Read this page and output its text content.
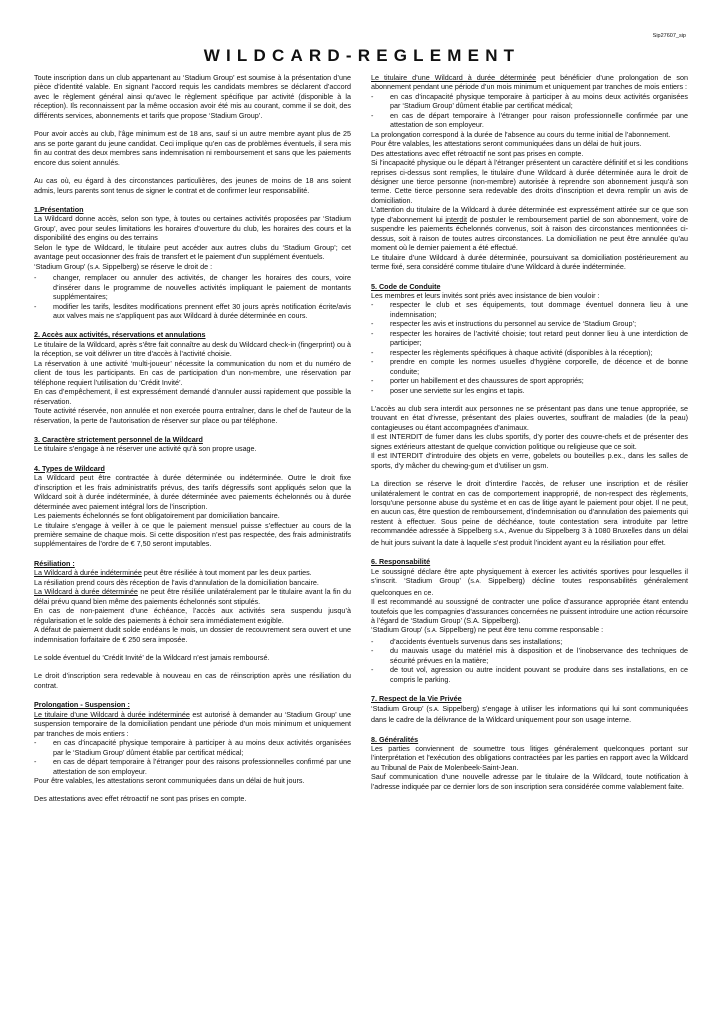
Sip27607_sip
WILDCARD-REGLEMENT

Toute inscription dans un club appartenant au ‘Stadium Group’ est soumise à la présentation d’une pièce d’identité valable. En signant l’accord requis les candidats membres se déclarent d’accord avec le règlement général ainsi qu’avec le règlement spécifique par activité (disponible à la réception). Ils reconnaissent par la même occasion avoir été mis au courant, comme il se doit, des différents services, abonnements et tarifs que propose ‘Stadium Group’.

Pour avoir accès au club, l’âge minimum est de 18 ans, sauf si un autre membre ayant plus de 25 ans se porte garant du jeune candidat. Ceci implique qu’en cas de problèmes éventuels, il sera mis fin au contrat des deux membres sans indemnisation ni remboursement et sans que les paiements encore dus soient annulés.

Au cas où, eu égard à des circonstances particulières, des jeunes de moins de 18 ans soient admis, leurs parents sont tenus de signer le contrat et de confirmer leur responsabilité.

1.Présentation

La Wildcard donne accès, selon son type, à toutes ou certaines activités proposées par ‘Stadium Group’, avec pour seules limitations les horaires d’ouverture du club, les horaires des cours et la disponibilité des engins ou des terrains

Selon le type de Wildcard, le titulaire peut accéder aux autres clubs du ‘Stadium Group’; cet avantage peut occasionner des frais de transfert et le paiement d’un supplément éventuels.

‘Stadium Group’ (S.A. Sippelberg) se réserve le droit de :

- changer, remplacer ou annuler des activités, de changer les horaires des cours, voire d’insérer dans le programme de nouvelles activités impliquant le paiement de montants supplémentaires;
- modifier les tarifs, lesdites modifications prennent effet 30 jours après notification écrite/avis aux valves mais ne s’appliquent pas aux Wildcard à durée déterminée en cours.

2. Accès aux activités, réservations et annulations

Le titulaire de la Wildcard, après s’être fait connaître au desk du Wildcard check-in (fingerprint) ou à la réception, se voit délivrer un titre d’accès à l’activité choisie.

La réservation à une activité ‘multi-joueur’ nécessite la communication du nom et du numéro de client de tous les participants. En cas de participation d’un non-membre, une réservation par téléphone requiert l’utilisation du ‘Crédit Invité’.

En cas d’empêchement, il est expressément demandé d’annuler aussi rapidement que possible la réservation.

Toute activité réservée, non annulée et non exercée pourra entraîner, dans le chef de l’auteur de la réservation, la perte de l’autorisation de réserver sur place ou par téléphone.

3. Caractère strictement personnel de la Wildcard

Le titulaire s’engage à ne réserver une activité qu’à son propre usage.

4. Types de Wildcard

La Wildcard peut être contractée à durée déterminée ou indéterminée. Outre le droit fixe d’inscription et les frais administratifs prévus, des tarifs dégressifs sont appliqués selon que la Wildcard soit à durée indéterminée, à durée déterminée avec paiements échelonnés ou à durée déterminée avec paiement intégral lors de l’inscription.

Les paiements échelonnés se font obligatoirement par domiciliation bancaire.

Le titulaire s’engage à veiller à ce que le paiement mensuel puisse s’effectuer au cours de la première semaine de chaque mois. Si cette disposition n’est pas respectée, des frais administratifs supplémentaires de l’ordre de € 7,50 seront imputables.

Résiliation :

La Wildcard à durée indéterminée peut être résiliée à tout moment par les deux parties.

La résiliation prend cours dès réception de l’avis d’annulation de la domiciliation bancaire.

La Wildcard à durée déterminée ne peut être résiliée unilatéralement par le titulaire avant la fin du délai prévu quand bien même des paiements échelonnés sont stipulés.

En cas de non-paiement d’une échéance, l’accès aux activités sera suspendu jusqu’à régularisation et le solde des paiements à échoir sera immédiatement exigible.

A défaut de paiement dudit solde endéans le mois, un dossier de recouvrement sera ouvert et une indemnisation forfaitaire de € 250 sera imposée.

Le solde éventuel du ‘Crédit Invité’ de la Wildcard n’est jamais remboursé.

Le droit d’inscription sera redevable à nouveau en cas de réinscription après une résiliation du contrat.

Prolongation - Suspension :

Le titulaire d’une Wildcard à durée indéterminée est autorisé à demander au ‘Stadium Group’ une suspension temporaire de la domiciliation pendant une période d’un mois minimum et uniquement par tranches de mois entiers :

- en cas d’incapacité physique temporaire à participer à au moins deux activités organisées par le ‘Stadium Group’ dûment établie par certificat médical;
- en cas de départ temporaire à l’étranger pour des raisons professionnelles confirmé par une attestation de son employeur.

Pour être valables, les attestations seront communiquées dans un délai de huit jours.

Des attestations avec effet rétroactif ne sont pas prises en compte.

Le titulaire d’une Wildcard à durée déterminée peut bénéficier d’une prolongation de son abonnement pendant une période d’un mois minimum et uniquement par tranches de mois entiers :

- en cas d’incapacité physique temporaire à participer à au moins deux activités organisées par ‘Stadium Group’ dûment établie par certificat médical;
- en cas de départ temporaire à l’étranger pour raison professionnelle confirmée par une attestation de son employeur.

La prolongation correspond à la durée de l’absence au cours du terme initial de l’abonnement.

Pour être valables, les attestations seront communiquées dans un délai de huit jours.

Des attestations avec effet rétroactif ne sont pas prises en compte.

Si l’incapacité physique ou le départ à l’étranger présentent un caractère définitif et si les conditions reprises ci-dessus sont remplies, le titulaire d’une Wildcard à durée déterminée aura le droit de désigner une tierce personne (non-membre) autorisée à reprendre son abonnement jusqu’à son terme. Cette tierce personne sera redevable des droits d’inscription et devra remplir un avis de domiciliation.

L’attention du titulaire de la Wildcard à durée déterminée est expressément attirée sur ce que son type d’abonnement lui interdit de postuler le remboursement partiel de son abonnement, voire de suspendre les paiements échelonnés convenus, soit à raison des circonstances mentionnées ci-dessus, soit à raison de toutes autres circonstances. La domiciliation ne peut être annulée qu’au moment où le dernier paiement a été effectué.

Le titulaire d’une Wildcard à durée déterminée, poursuivant sa domiciliation postérieurement au terme fixé, sera considéré comme titulaire d’une Wildcard à durée indéterminée.

5. Code de Conduite

Les membres et leurs invités sont priés avec insistance de bien vouloir :

- respecter le club et ses équipements, tout dommage éventuel donnera lieu à une indemnisation;
- respecter les avis et instructions du personnel au service de ‘Stadium Group’;
- respecter les horaires de l’activité choisie; tout retard peut donner lieu à une interdiction de participer;
- respecter les règlements spécifiques à chaque activité (disponibles à la réception);
- prendre en compte les normes usuelles d’hygiène corporelle, de décence et de bonne conduite;
- porter un habillement et des chaussures de sport appropriés;
- poser une serviette sur les engins et tapis.

L’accès au club sera interdit aux personnes ne se présentant pas dans une tenue appropriée, se trouvant en état d’ivresse, présentant des plaies ouvertes, souffrant de maladies (de la peau) contagieuses ou étant accompagnées d’animaux.

Il est INTERDIT de fumer dans les clubs sportifs, d’y porter des couvre-chefs et de présenter des signes extérieurs attestant de quelque conviction politique ou religieuse que ce soit.

Il est INTERDIT d’introduire des objets en verre, gobelets ou bouteilles p.ex., dans les salles de sports, d’y mâcher du chewing-gum et d’utiliser un gsm.

La direction se réserve le droit d’interdire l’accès, de refuser une inscription et de résilier unilatéralement le contrat en cas de comportement inapproprié, de non-respect des règlements, lorsqu’une personne abuse du système et en cas de litige ayant le paiement pour objet. Il ne peut, en aucun cas, être question de remboursement, d’indemnisation ou d’annulation des paiements qui restent à effectuer. Sous peine de déchéance, toute contestation sera introduite par lettre recommandée adressée à Sippelberg S.A., Avenue du Sippelberg 3 à 1080 Bruxelles dans un délai de huit jours suivant la date à laquelle s’est produit l’incident ayant eu la résiliation pour effet.

6. Responsabilité

Le soussigné déclare être apte physiquement à exercer les activités sportives pour lesquelles il s’inscrit. ‘Stadium Group’ (S.A. Sippelberg) décline toutes responsabilités généralement quelconques en ce.

Il est recommandé au soussigné de contracter une police d’assurance appropriée étant entendu toutefois que les compagnies d’assurances concernées ne puissent introduire une action récursoire à l’égard de ‘Stadium Group’ (S.A. Sippelberg).

‘Stadium Group’ (S.A. Sippelberg) ne peut être tenu comme responsable :

- d’accidents éventuels survenus dans ses installations;
- du mauvais usage du matériel mis à disposition et de l’inobservance des techniques de sécurité prévues en la matière;
- de tout vol, agression ou autre incident pouvant se produire dans ses installations, en ce compris le parking.

7. Respect de la Vie Privée

‘Stadium Group’ (S.A. Sippelberg) s’engage à utiliser les informations qui lui sont communiquées dans le cadre de la délivrance de la Wildcard uniquement pour son usage interne.

8. Généralités

Les parties conviennent de soumettre tous litiges généralement quelconques portant sur l’interprétation et l’exécution des obligations contractées par les parties en rapport avec la Wildcard au Tribunal de Paix de Molenbeek-Saint-Jean.

Sauf communication d’une nouvelle adresse par le titulaire de la Wildcard, toute notification à l’adresse indiquée par ce dernier lors de son inscription sera considérée comme valablement faite.
